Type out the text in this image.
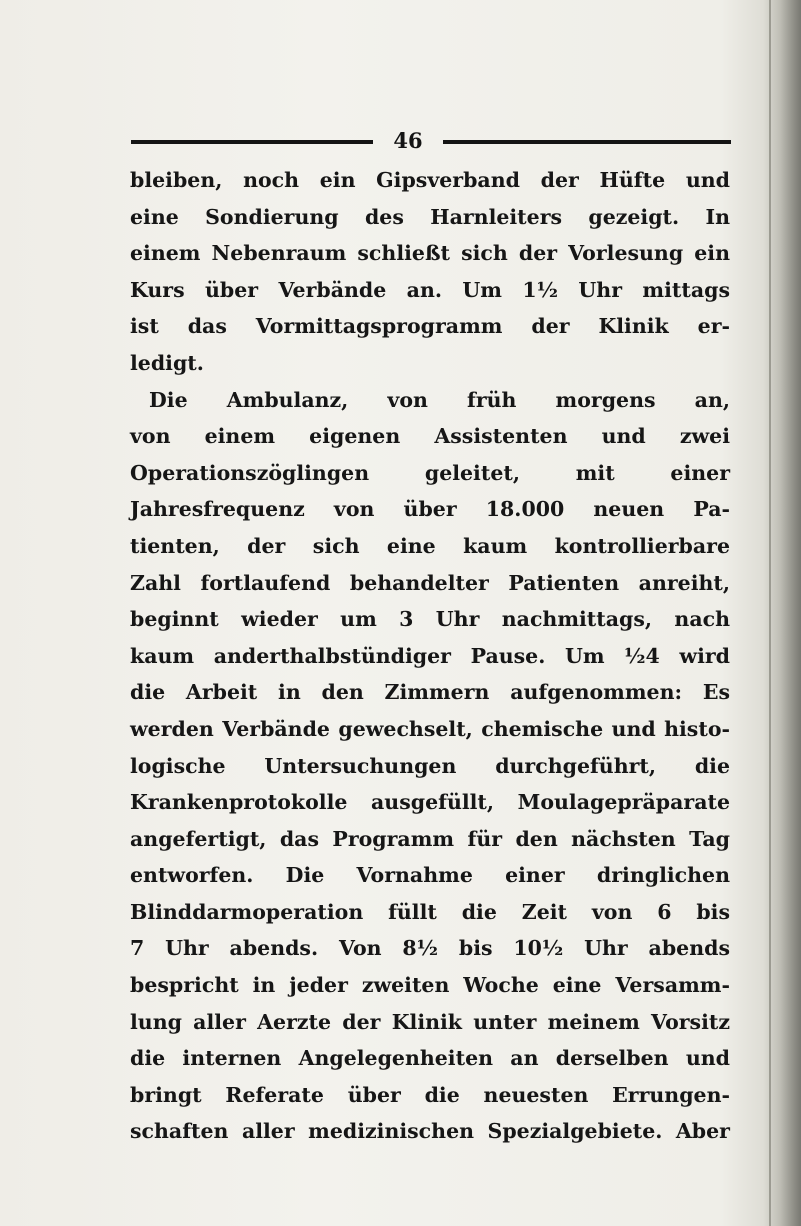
46
bleiben, noch ein Gipsverband der Hüfte und
eine Sondierung des Harnleiters gezeigt. In
einem Nebenraum schließt sich der Vorlesung ein
Kurs über Verbände an. Um 1½ Uhr mittags
ist das Vormittagsprogramm der Klinik er-
ledigt.
Die Ambulanz, von früh morgens an,
von einem eigenen Assistenten und zwei
Operationszöglingen geleitet, mit einer
Jahresfrequenz von über 18.000 neuen Pa-
tienten, der sich eine kaum kontrollierbare
Zahl fortlaufend behandelter Patienten anreiht,
beginnt wieder um 3 Uhr nachmittags, nach
kaum anderthalbstündiger Pause. Um ½4 wird
die Arbeit in den Zimmern aufgenommen: Es
werden Verbände gewechselt, chemische und histo-
logische Untersuchungen durchgeführt, die
Krankenprotokolle ausgefüllt, Moulagepräparate
angefertigt, das Programm für den nächsten Tag
entworfen. Die Vornahme einer dringlichen
Blinddarmoperation füllt die Zeit von 6 bis
7 Uhr abends. Von 8½ bis 10½ Uhr abends
bespricht in jeder zweiten Woche eine Versamm-
lung aller Aerzte der Klinik unter meinem Vorsitz
die internen Angelegenheiten an derselben und
bringt Referate über die neuesten Errungen-
schaften aller medizinischen Spezialgebiete. Aber
